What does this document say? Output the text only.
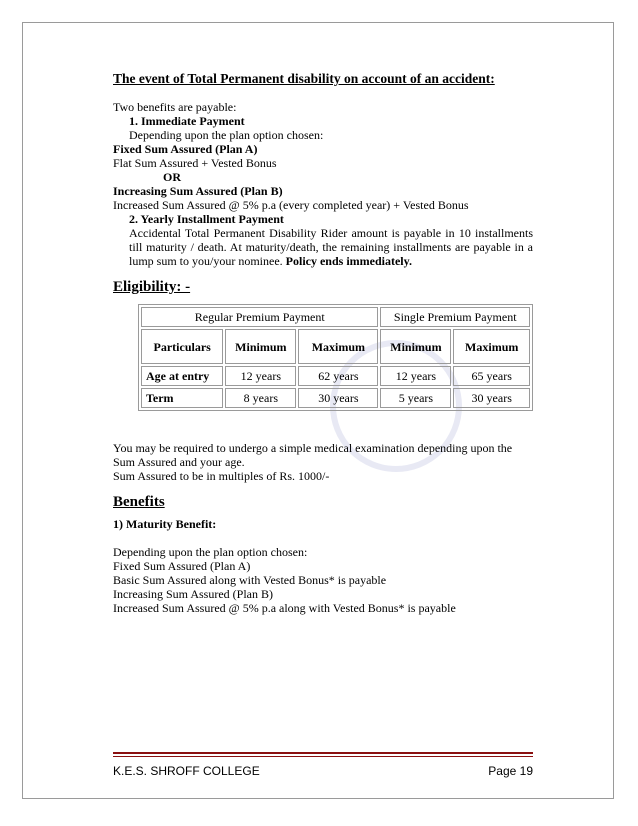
The event of Total Permanent disability on account of an accident:
Two benefits are payable:
1. Immediate Payment
Depending upon the plan option chosen:
Fixed Sum Assured (Plan A)
Flat Sum Assured + Vested Bonus
OR
Increasing Sum Assured (Plan B)
Increased Sum Assured @ 5% p.a (every completed year) + Vested Bonus
2. Yearly Installment Payment
Accidental Total Permanent Disability Rider amount is payable in 10 installments till maturity / death. At maturity/death, the remaining installments are payable in a lump sum to you/your nominee. Policy ends immediately.
Eligibility: -
Regular Premium Payment			Single Premium Payment	
Particulars	Minimum	Maximum	Minimum	Maximum
Age at entry	12 years	62 years	12 years	65 years
Term	8 years	30 years	5 years	30 years
You may be required to undergo a simple medical examination depending upon the Sum Assured and your age.
Sum Assured to be in multiples of Rs. 1000/-
Benefits
1) Maturity Benefit:
Depending upon the plan option chosen:
Fixed Sum Assured (Plan A)
Basic Sum Assured along with Vested Bonus* is payable
Increasing Sum Assured (Plan B)
Increased Sum Assured @ 5% p.a along with Vested Bonus* is payable
K.E.S. SHROFF COLLEGE	Page 19
